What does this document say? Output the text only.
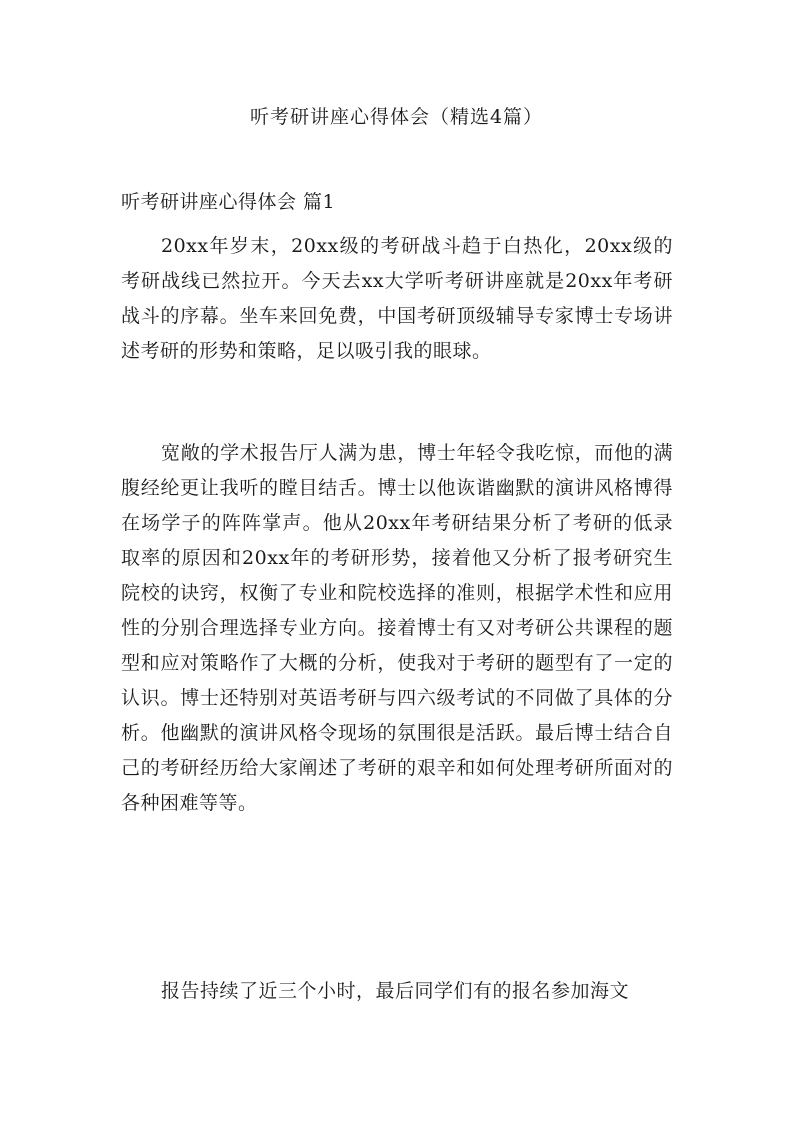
听考研讲座心得体会（精选4篇）
听考研讲座心得体会 篇1

20xx年岁末，20xx级的考研战斗趋于白热化，20xx级的考研战线已然拉开。今天去xx大学听考研讲座就是20xx年考研战斗的序幕。坐车来回免费，中国考研顶级辅导专家博士专场讲述考研的形势和策略，足以吸引我的眼球。

宽敞的学术报告厅人满为患，博士年轻令我吃惊，而他的满腹经纶更让我听的瞠目结舌。博士以他诙谐幽默的演讲风格博得在场学子的阵阵掌声。他从20xx年考研结果分析了考研的低录取率的原因和20xx年的考研形势，接着他又分析了报考研究生院校的诀窍，权衡了专业和院校选择的准则，根据学术性和应用性的分别合理选择专业方向。接着博士有又对考研公共课程的题型和应对策略作了大概的分析，使我对于考研的题型有了一定的认识。博士还特别对英语考研与四六级考试的不同做了具体的分析。他幽默的演讲风格令现场的氛围很是活跃。最后博士结合自己的考研经历给大家阐述了考研的艰辛和如何处理考研所面对的各种困难等等。

报告持续了近三个小时，最后同学们有的报名参加海文
